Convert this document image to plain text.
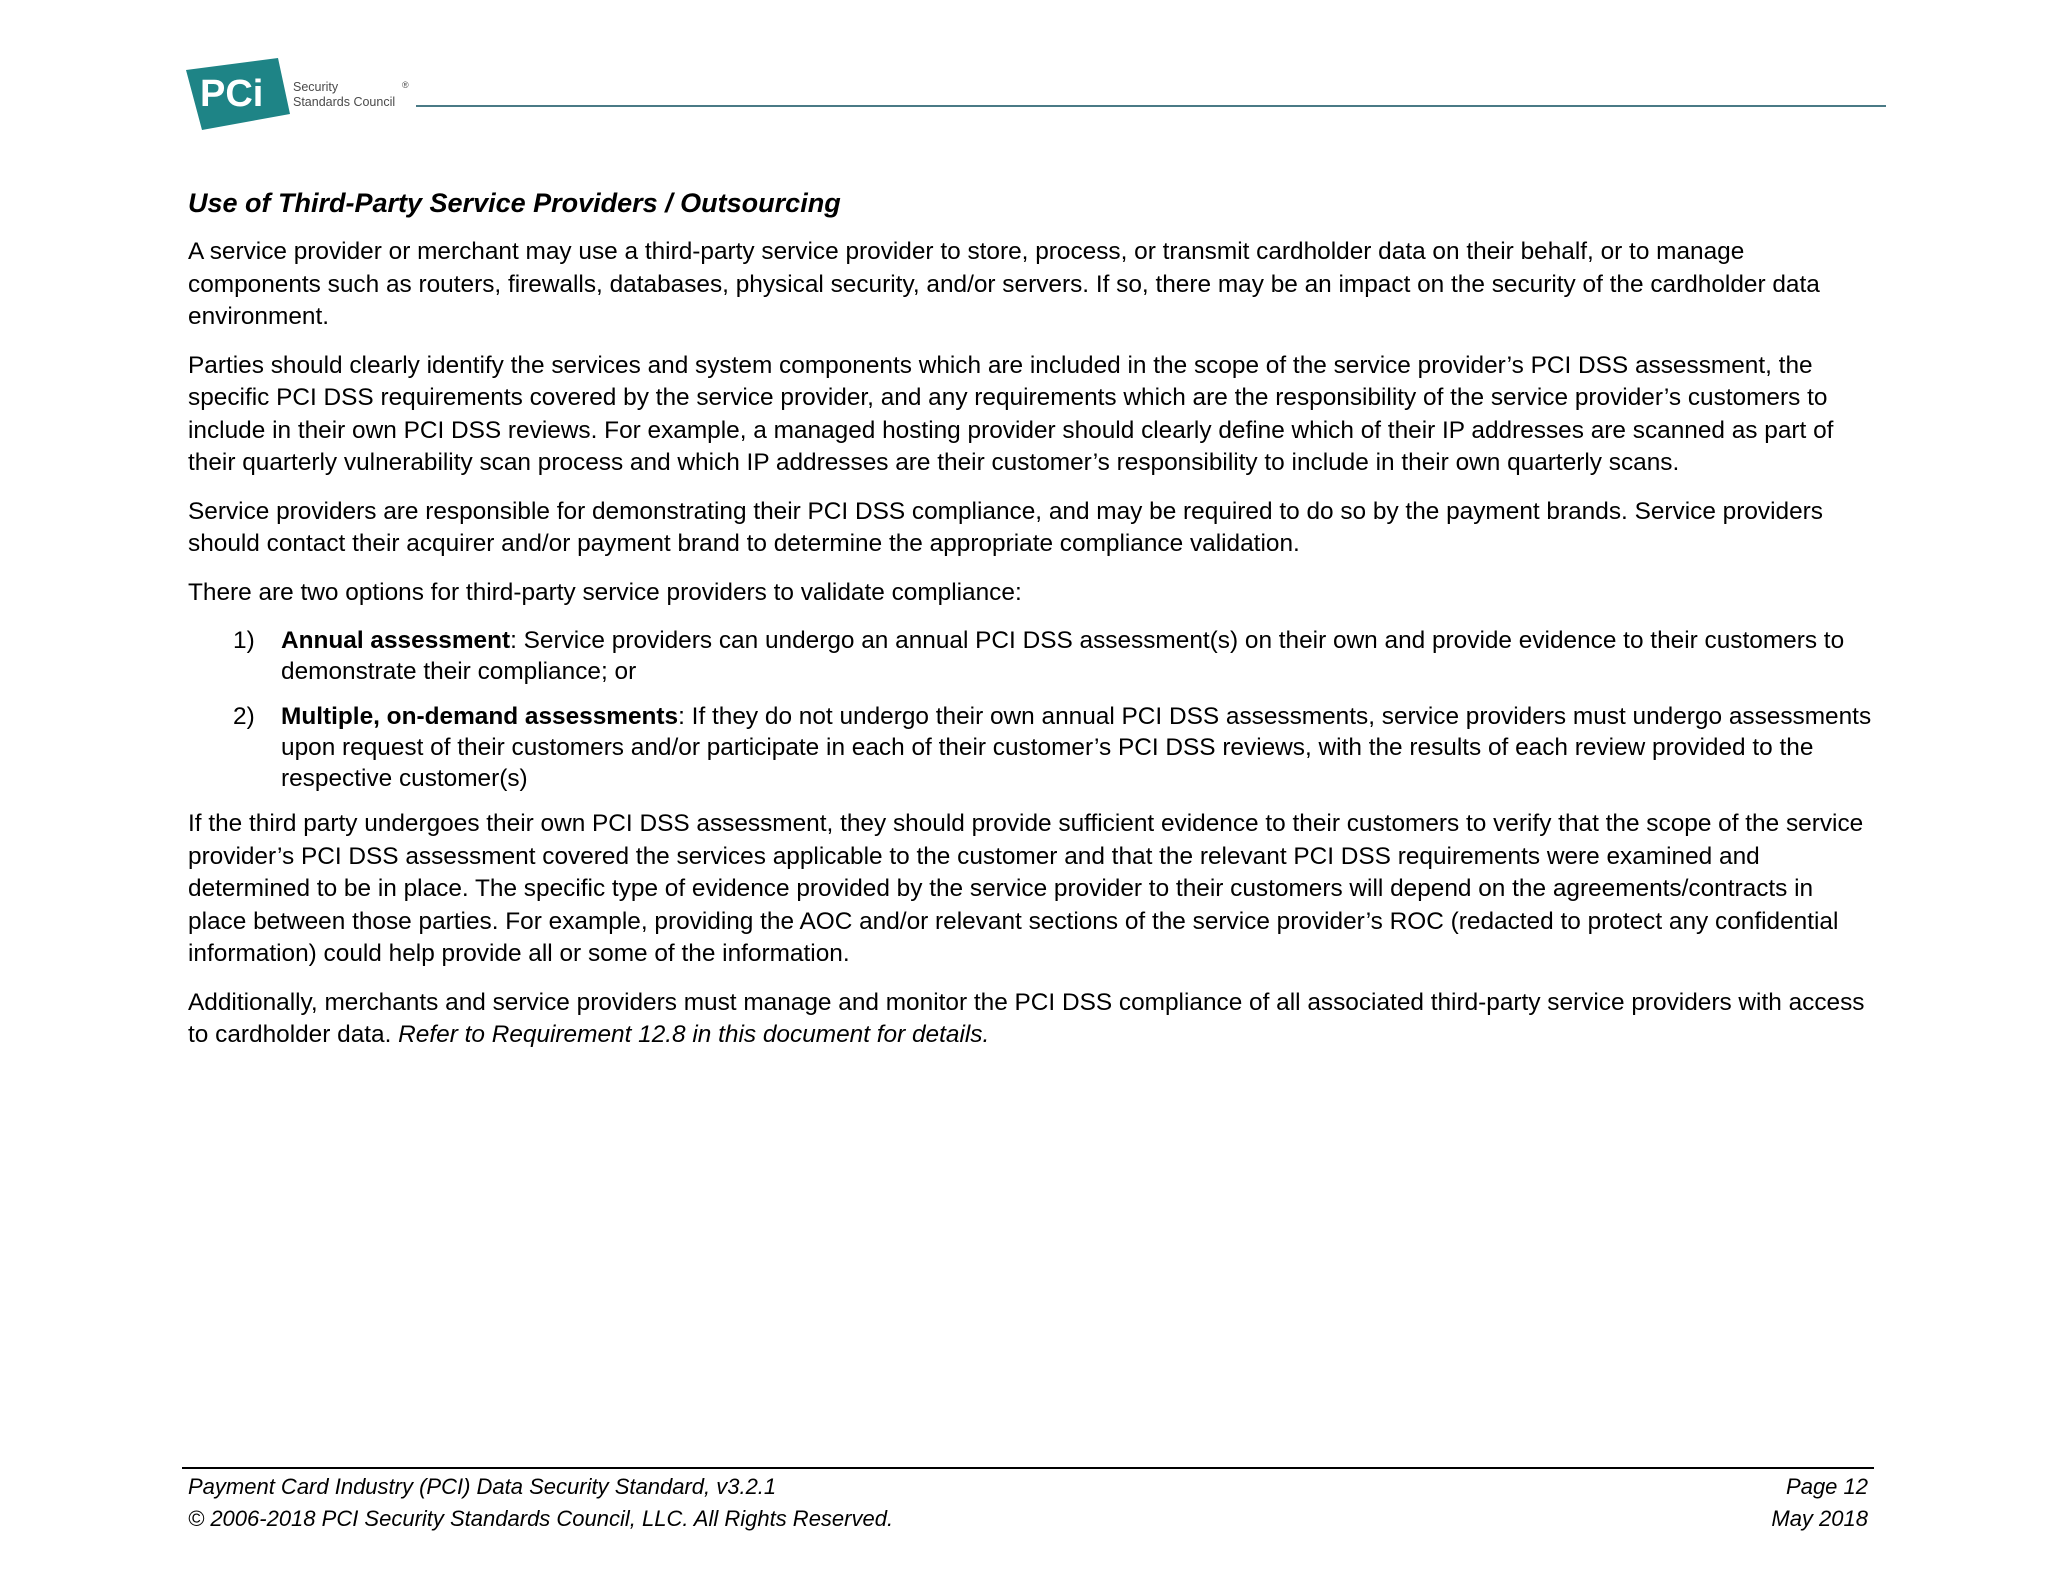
PCi Security
Standards Council
®
Use of Third-Party Service Providers / Outsourcing

A service provider or merchant may use a third-party service provider to store, process, or transmit cardholder data on their behalf, or to manage components such as routers, firewalls, databases, physical security, and/or servers. If so, there may be an impact on the security of the cardholder data environment.

Parties should clearly identify the services and system components which are included in the scope of the service provider’s PCI DSS assessment, the specific PCI DSS requirements covered by the service provider, and any requirements which are the responsibility of the service provider’s customers to include in their own PCI DSS reviews. For example, a managed hosting provider should clearly define which of their IP addresses are scanned as part of their quarterly vulnerability scan process and which IP addresses are their customer’s responsibility to include in their own quarterly scans.

Service providers are responsible for demonstrating their PCI DSS compliance, and may be required to do so by the payment brands. Service providers should contact their acquirer and/or payment brand to determine the appropriate compliance validation.

There are two options for third-party service providers to validate compliance:

1) Annual assessment: Service providers can undergo an annual PCI DSS assessment(s) on their own and provide evidence to their customers to demonstrate their compliance; or
2) Multiple, on-demand assessments: If they do not undergo their own annual PCI DSS assessments, service providers must undergo assessments upon request of their customers and/or participate in each of their customer’s PCI DSS reviews, with the results of each review provided to the respective customer(s)

If the third party undergoes their own PCI DSS assessment, they should provide sufficient evidence to their customers to verify that the scope of the service provider’s PCI DSS assessment covered the services applicable to the customer and that the relevant PCI DSS requirements were examined and determined to be in place. The specific type of evidence provided by the service provider to their customers will depend on the agreements/contracts in place between those parties. For example, providing the AOC and/or relevant sections of the service provider’s ROC (redacted to protect any confidential information) could help provide all or some of the information.

Additionally, merchants and service providers must manage and monitor the PCI DSS compliance of all associated third-party service providers with access to cardholder data. Refer to Requirement 12.8 in this document for details.

Payment Card Industry (PCI) Data Security Standard, v3.2.1	Page 12
© 2006-2018 PCI Security Standards Council, LLC. All Rights Reserved.	May 2018
